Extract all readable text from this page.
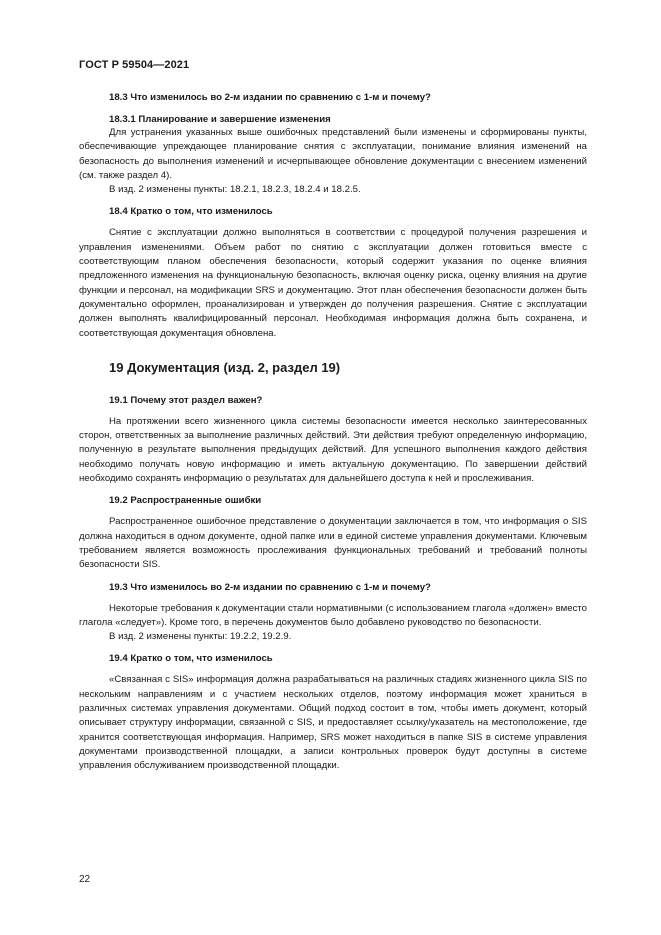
ГОСТ Р 59504—2021
18.3 Что изменилось во 2-м издании по сравнению с 1-м и почему?
18.3.1 Планирование и завершение изменения

Для устранения указанных выше ошибочных представлений были изменены и сформированы пункты, обеспечивающие упреждающее планирование снятия с эксплуатации, понимание влияния изменений на безопасность до выполнения изменений и исчерпывающее обновление документации с внесением изменений (см. также раздел 4).

В изд. 2 изменены пункты: 18.2.1, 18.2.3, 18.2.4 и 18.2.5.

18.4 Кратко о том, что изменилось

Снятие с эксплуатации должно выполняться в соответствии с процедурой получения разрешения и управления изменениями. Объем работ по снятию с эксплуатации должен готовиться вместе с соответствующим планом обеспечения безопасности, который содержит указания по оценке влияния предложенного изменения на функциональную безопасность, включая оценку риска, оценку влияния на другие функции и персонал, на модификации SRS и документацию. Этот план обеспечения безопасности должен быть документально оформлен, проанализирован и утвержден до получения разрешения. Снятие с эксплуатации должен выполнять квалифицированный персонал. Необходимая информация должна быть сохранена, и соответствующая документация обновлена.

19 Документация (изд. 2, раздел 19)
19.1 Почему этот раздел важен?

На протяжении всего жизненного цикла системы безопасности имеется несколько заинтересованных сторон, ответственных за выполнение различных действий. Эти действия требуют определенную информацию, полученную в результате выполнения предыдущих действий. Для успешного выполнения каждого действия необходимо получать новую информацию и иметь актуальную документацию. По завершении действий необходимо сохранять информацию о результатах для дальнейшего доступа к ней и прослеживания.

19.2 Распространенные ошибки

Распространенное ошибочное представление о документации заключается в том, что информация о SIS должна находиться в одном документе, одной папке или в единой системе управления документами. Ключевым требованием является возможность прослеживания функциональных требований и требований полноты безопасности SIS.

19.3 Что изменилось во 2-м издании по сравнению с 1-м и почему?

Некоторые требования к документации стали нормативными (с использованием глагола «должен» вместо глагола «следует»). Кроме того, в перечень документов было добавлено руководство по безопасности.

В изд. 2 изменены пункты: 19.2.2, 19.2.9.

19.4 Кратко о том, что изменилось

«Связанная с SIS» информация должна разрабатываться на различных стадиях жизненного цикла SIS по нескольким направлениям и с участием нескольких отделов, поэтому информация может храниться в различных системах управления документами. Общий подход состоит в том, чтобы иметь документ, который описывает структуру информации, связанной с SIS, и предоставляет ссылку/указатель на местоположение, где хранится соответствующая информация. Например, SRS может находиться в папке SIS в системе управления документами производственной площадки, а записи контрольных проверок будут доступны в системе управления обслуживанием производственной площадки.

22
